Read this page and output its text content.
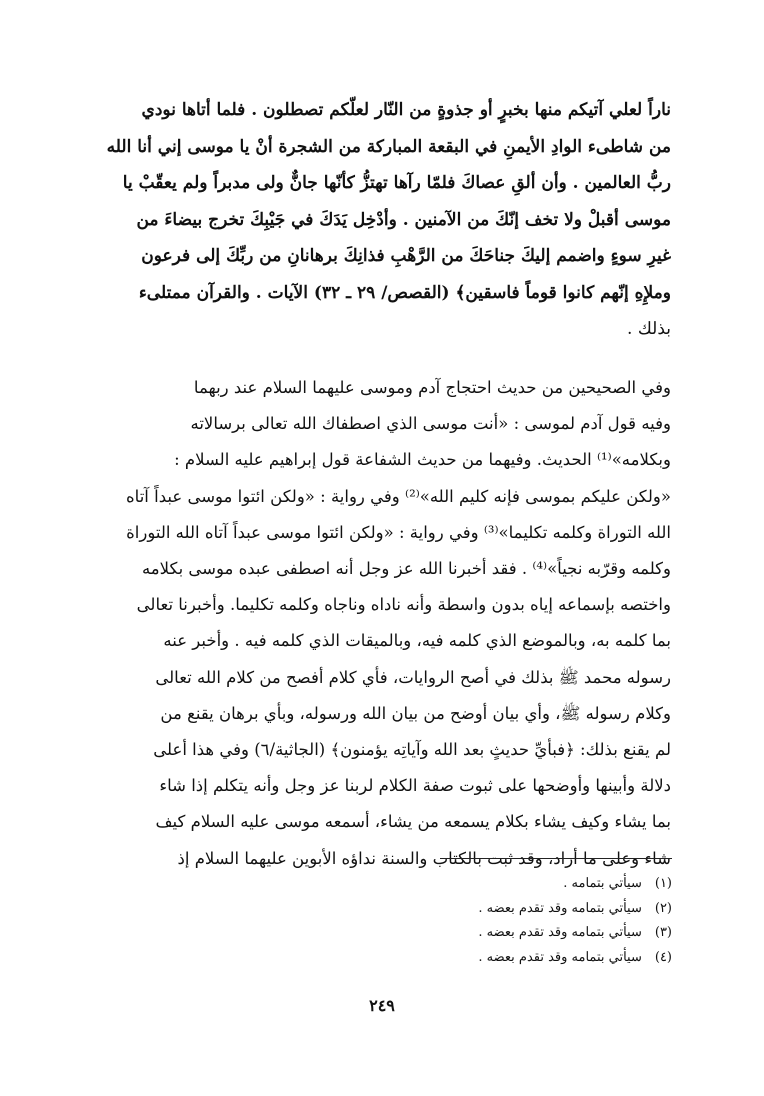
ناراً لعلي آتيكم منها بخبرٍ أو جذوةٍ من النّار لعلّكم تصطلون . فلما أتاها نودي
من شاطىء الوادِ الأيمنِ في البقعة المباركة من الشجرة أنْ يا موسى إني أنا الله
ربُّ العالمين . وأن ألقِ عصاكَ فلمّا رآها تهتزُّ كأنّها جانٌّ ولى مدبراً ولم يعقّبْ يا
موسى أقبلْ ولا تخف إنّكَ من الآمنين . وأدْخِل يَدَكَ في جَيْبِكَ تخرج بيضاءَ من
غيرِ سوءٍ واضمم إليكَ جناحَكَ من الرَّهْبِ فذانِكَ برهانانِ من ربِّكَ إلى فرعون
وملإِهِ إنّهم كانوا قوماً فاسقين﴾ (القصص/ ٢٩ ـ ٣٢) الآيات . والقرآن ممتلىء
بذلك .
وفي الصحيحين من حديث احتجاج آدم وموسى عليهما السلام عند ربهما
وفيه قول آدم لموسى : «أنت موسى الذي اصطفاك الله تعالى برسالاته
وبكلامه»⁽¹⁾ الحديث. وفيهما من حديث الشفاعة قول إبراهيم عليه السلام :
«ولكن عليكم بموسى فإنه كليم الله»⁽²⁾ وفي رواية : «ولكن ائتوا موسى عبداً آتاه
الله التوراة وكلمه تكليما»⁽³⁾ وفي رواية : «ولكن ائتوا موسى عبداً آتاه الله التوراة
وكلمه وقرّبه نجياً»⁽⁴⁾ . فقد أخبرنا الله عز وجل أنه اصطفى عبده موسى بكلامه
واختصه بإسماعه إياه بدون واسطة وأنه ناداه وناجاه وكلمه تكليما. وأخبرنا تعالى
بما كلمه به، وبالموضع الذي كلمه فيه، وبالميقات الذي كلمه فيه . وأخبر عنه
رسوله محمد ﷺ بذلك في أصح الروايات، فأي كلام أفصح من كلام الله تعالى
وكلام رسوله ﷺ، وأي بيان أوضح من بيان الله ورسوله، وبأي برهان يقنع من
لم يقنع بذلك: ﴿فبأيِّ حديثٍ بعد الله وآياتِه يؤمنون﴾ (الجاثية/٦) وفي هذا أعلى
دلالة وأبينها وأوضحها على ثبوت صفة الكلام لربنا عز وجل وأنه يتكلم إذا شاء
بما يشاء وكيف يشاء بكلام يسمعه من يشاء، أسمعه موسى عليه السلام كيف
شاء وعلى ما أراد، وقد ثبت بالكتاب والسنة نداؤه الأبوين عليهما السلام إذ
(١) سيأتي بتمامه .
(٢) سيأتي بتمامه وقد تقدم بعضه .
(٣) سيأتي بتمامه وقد تقدم بعضه .
(٤) سيأتي بتمامه وقد تقدم بعضه .
٢٤٩
